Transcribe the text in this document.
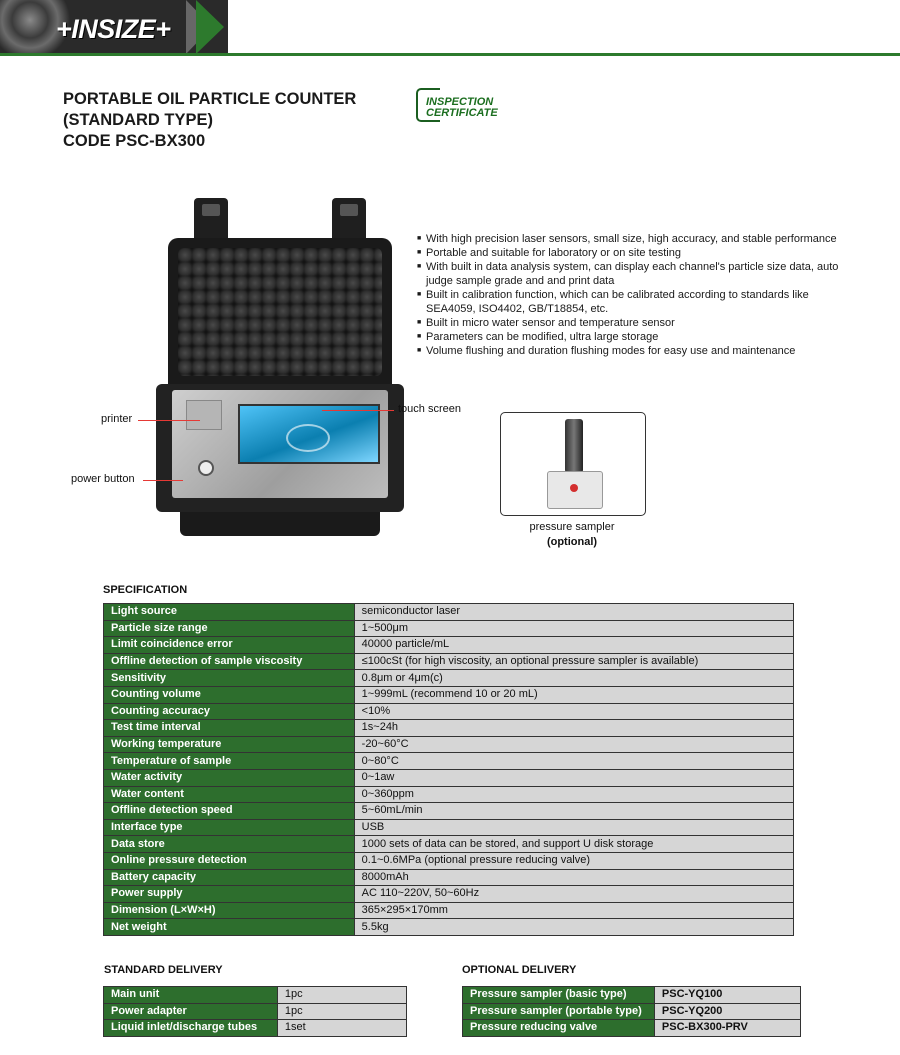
+INSIZE+
PORTABLE OIL PARTICLE COUNTER
(STANDARD TYPE)
CODE PSC-BX300
INSPECTION
CERTIFICATE
printer
touch screen
power button
■ With high precision laser sensors, small size, high accuracy, and stable performance
■ Portable and suitable for laboratory or on site testing
■ With built in data analysis system, can display each channel's particle size data, auto judge sample grade and and print data
■ Built in calibration function, which can be calibrated according to standards like SEA4059, ISO4402, GB/T18854, etc.
■ Built in micro water sensor and temperature sensor
■ Parameters can be modified, ultra large storage
■ Volume flushing and duration flushing modes for easy use and maintenance
pressure sampler
(optional)
SPECIFICATION
Light source	semiconductor laser
Particle size range	1~500μm
Limit coincidence error	40000 particle/mL
Offline detection of sample viscosity	≤100cSt (for high viscosity, an optional pressure sampler is available)
Sensitivity	0.8μm or 4μm(c)
Counting volume	1~999mL (recommend 10 or 20 mL)
Counting accuracy	<10%
Test time interval	1s~24h
Working temperature	-20~60°C
Temperature of sample	0~80°C
Water activity	0~1aw
Water content	0~360ppm
Offline detection speed	5~60mL/min
Interface type	USB
Data store	1000 sets of data can be stored, and support U disk storage
Online pressure detection	0.1~0.6MPa (optional pressure reducing valve)
Battery capacity	8000mAh
Power supply	AC 110~220V, 50~60Hz
Dimension (L×W×H)	365×295×170mm
Net weight	5.5kg
STANDARD DELIVERY
Main unit	1pc
Power adapter	1pc
Liquid inlet/discharge tubes	1set
OPTIONAL DELIVERY
Pressure sampler (basic type)	PSC-YQ100
Pressure sampler (portable type)	PSC-YQ200
Pressure reducing valve	PSC-BX300-PRV
